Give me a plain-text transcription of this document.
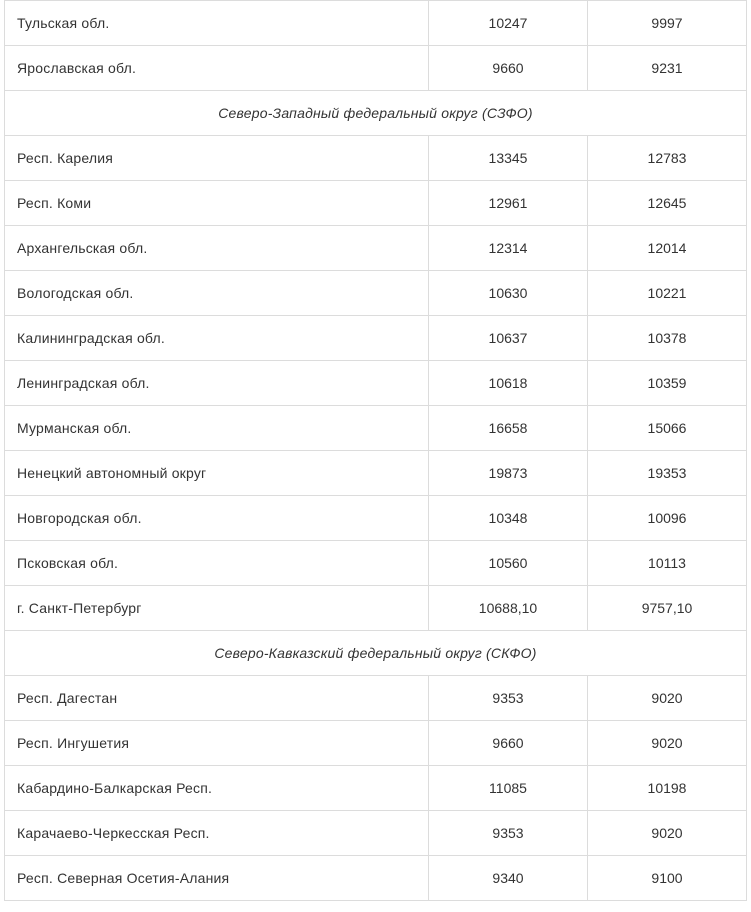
Тульская обл.	10247	9997
Ярославская обл.	9660	9231
Северо-Западный федеральный округ (СЗФО)		
Респ. Карелия	13345	12783
Респ. Коми	12961	12645
Архангельская обл.	12314	12014
Вологодская обл.	10630	10221
Калининградская обл.	10637	10378
Ленинградская обл.	10618	10359
Мурманская обл.	16658	15066
Ненецкий автономный округ	19873	19353
Новгородская обл.	10348	10096
Псковская обл.	10560	10113
г. Санкт-Петербург	10688,10	9757,10
Северо-Кавказский федеральный округ (СКФО)		
Респ. Дагестан	9353	9020
Респ. Ингушетия	9660	9020
Кабардино-Балкарская Респ.	11085	10198
Карачаево-Черкесская Респ.	9353	9020
Респ. Северная Осетия-Алания	9340	9100
